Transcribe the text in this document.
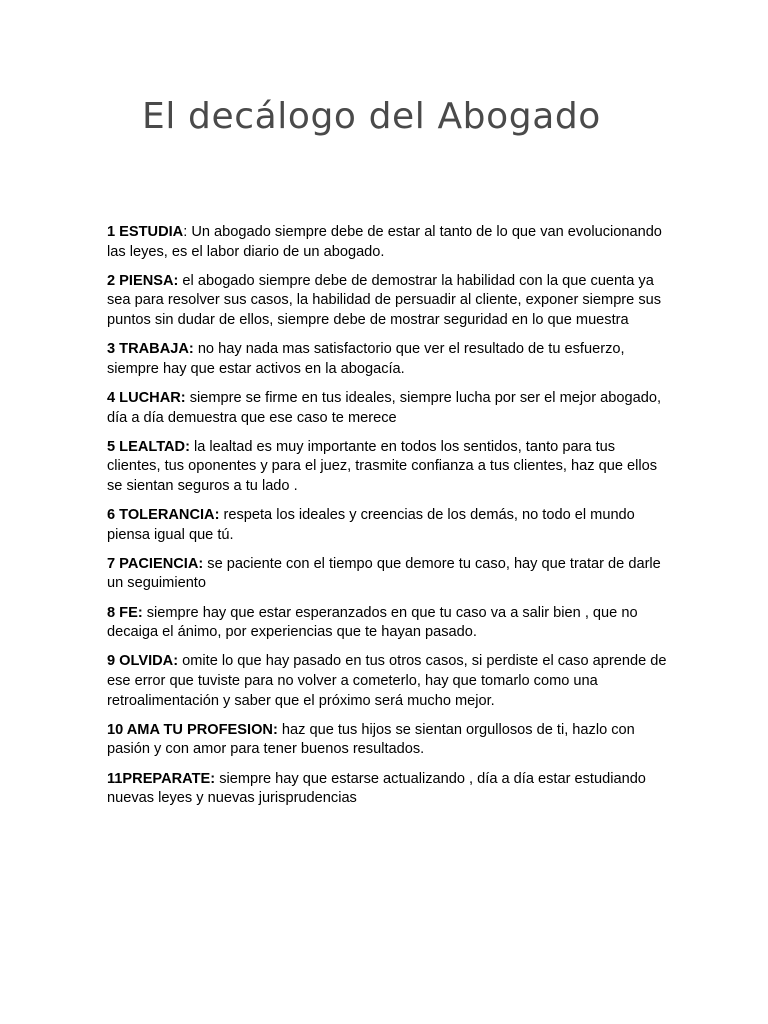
El decálogo del Abogado

1 ESTUDIA: Un abogado siempre debe de estar al tanto de lo que van evolucionando las leyes, es el labor diario de un abogado.

2 PIENSA: el abogado siempre debe de demostrar la habilidad con la que cuenta ya sea para resolver sus casos, la habilidad de persuadir al cliente, exponer siempre sus puntos sin dudar de ellos, siempre debe de mostrar seguridad en lo que muestra

3 TRABAJA: no hay nada mas satisfactorio que ver el resultado de tu esfuerzo, siempre hay que estar activos en la abogacía.

4 LUCHAR: siempre se firme en tus ideales, siempre lucha por ser el mejor abogado, día a día demuestra que ese caso te merece

5 LEALTAD: la lealtad es muy importante en todos los sentidos, tanto para tus clientes, tus oponentes y para el juez, trasmite confianza a tus clientes, haz que ellos se sientan seguros a tu lado .

6 TOLERANCIA: respeta los ideales y creencias de los demás, no todo el mundo piensa igual que tú.

7 PACIENCIA: se paciente con el tiempo que demore tu caso, hay que tratar de darle un seguimiento

8 FE: siempre hay que estar esperanzados en que tu caso va a salir bien , que no decaiga el ánimo, por experiencias que te hayan pasado.

9 OLVIDA: omite lo que hay pasado en tus otros casos, si perdiste el caso aprende de ese error que tuviste para no volver a cometerlo, hay que tomarlo como una retroalimentación y saber que el próximo será mucho mejor.

10 AMA TU PROFESION: haz que tus hijos se sientan orgullosos de ti, hazlo con pasión y con amor para tener buenos resultados.

11PREPARATE: siempre hay que estarse actualizando , día a día estar estudiando nuevas leyes y nuevas jurisprudencias
